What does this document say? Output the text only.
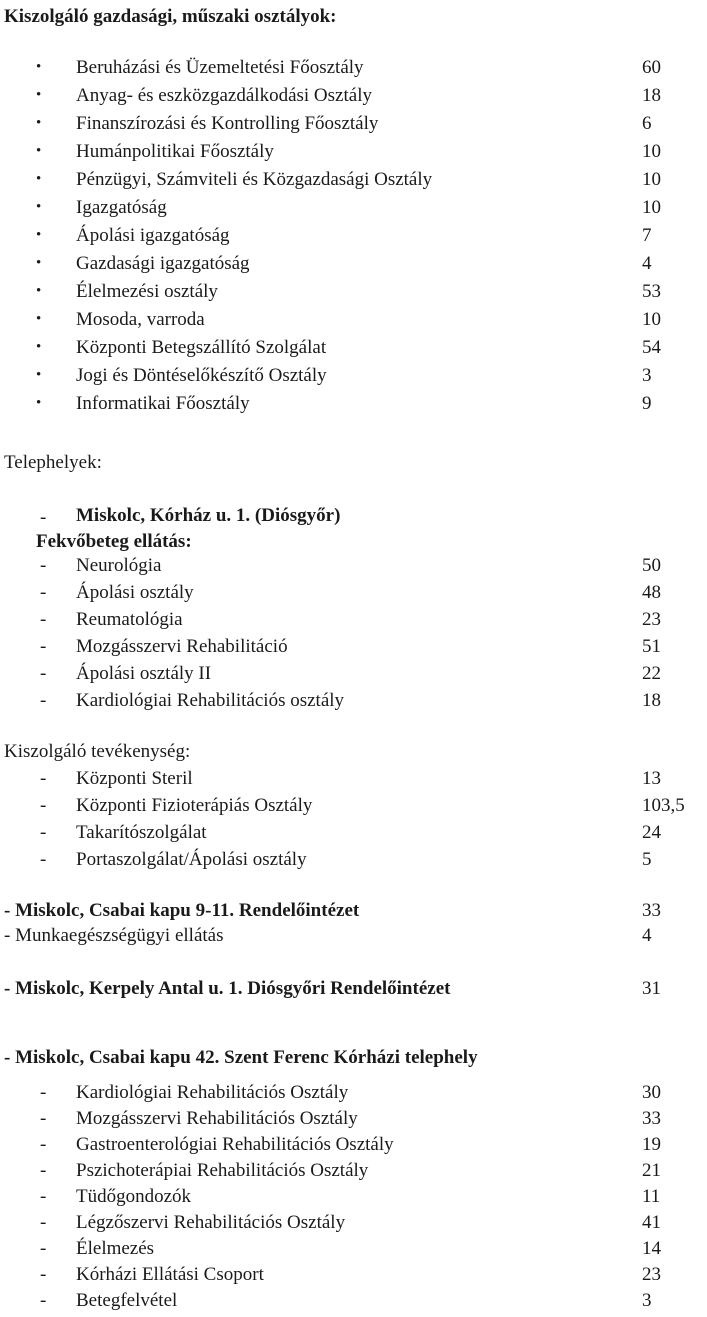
Kiszolgáló gazdasági, műszaki osztályok:
• Beruházási és Üzemeltetési Főosztály	60
• Anyag- és eszközgazdálkodási Osztály	18
• Finanszírozási és Kontrolling Főosztály	6
• Humánpolitikai Főosztály	10
• Pénzügyi, Számviteli és Közgazdasági Osztály	10
• Igazgatóság	10
• Ápolási igazgatóság	7
• Gazdasági igazgatóság	4
• Élelmezési osztály	53
• Mosoda, varroda	10
• Központi Betegszállító Szolgálat	54
• Jogi és Döntéselőkészítő Osztály	3
• Informatikai Főosztály	9
Telephelyek:
- Miskolc, Kórház u. 1. (Diósgyőr)
Fekvőbeteg ellátás:
- Neurológia	50
- Ápolási osztály	48
- Reumatológia	23
- Mozgásszervi Rehabilitáció	51
- Ápolási osztály II	22
- Kardiológiai Rehabilitációs osztály	18
Kiszolgáló tevékenység:
- Központi Steril	13
- Központi Fizioterápiás Osztály	103,5
- Takarítószolgálat	24
- Portaszolgálat/Ápolási osztály	5
- Miskolc, Csabai kapu 9-11. Rendelőintézet	33
- Munkaegészségügyi ellátás	4
- Miskolc, Kerpely Antal u. 1. Diósgyőri Rendelőintézet	31
- Miskolc, Csabai kapu 42. Szent Ferenc Kórházi telephely
- Kardiológiai Rehabilitációs Osztály	30
- Mozgásszervi Rehabilitációs Osztály	33
- Gastroenterológiai Rehabilitációs Osztály	19
- Pszichoterápiai Rehabilitációs Osztály	21
- Tüdőgondozók	11
- Légzőszervi Rehabilitációs Osztály	41
- Élelmezés	14
- Kórházi Ellátási Csoport	23
- Betegfelvétel	3
